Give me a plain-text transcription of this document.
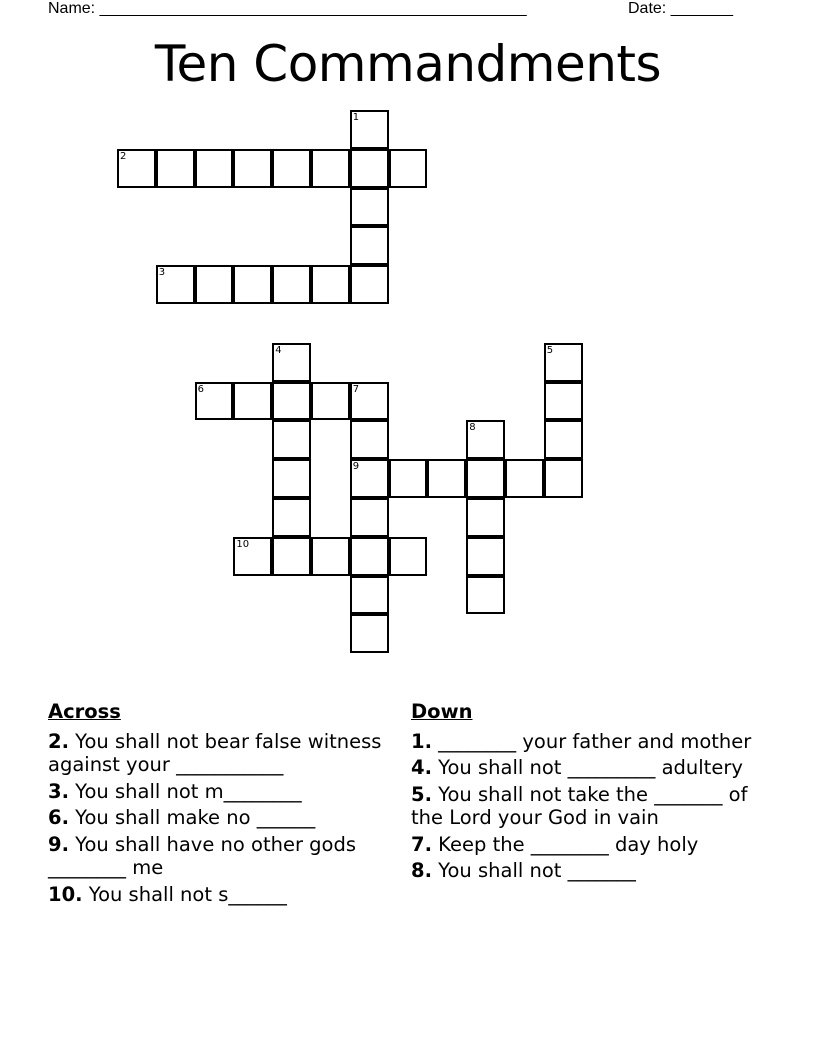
Name: ________________________________________________	Date: _______
Ten Commandments
1
2
3
4	5
6	7
8
9
10
Across
2. You shall not bear false witness against your ___________
3. You shall not m________
6. You shall make no ______
9. You shall have no other gods ________ me
10. You shall not s______
Down
1. ________ your father and mother
4. You shall not _________ adultery
5. You shall not take the _______ of the Lord your God in vain
7. Keep the ________ day holy
8. You shall not _______
